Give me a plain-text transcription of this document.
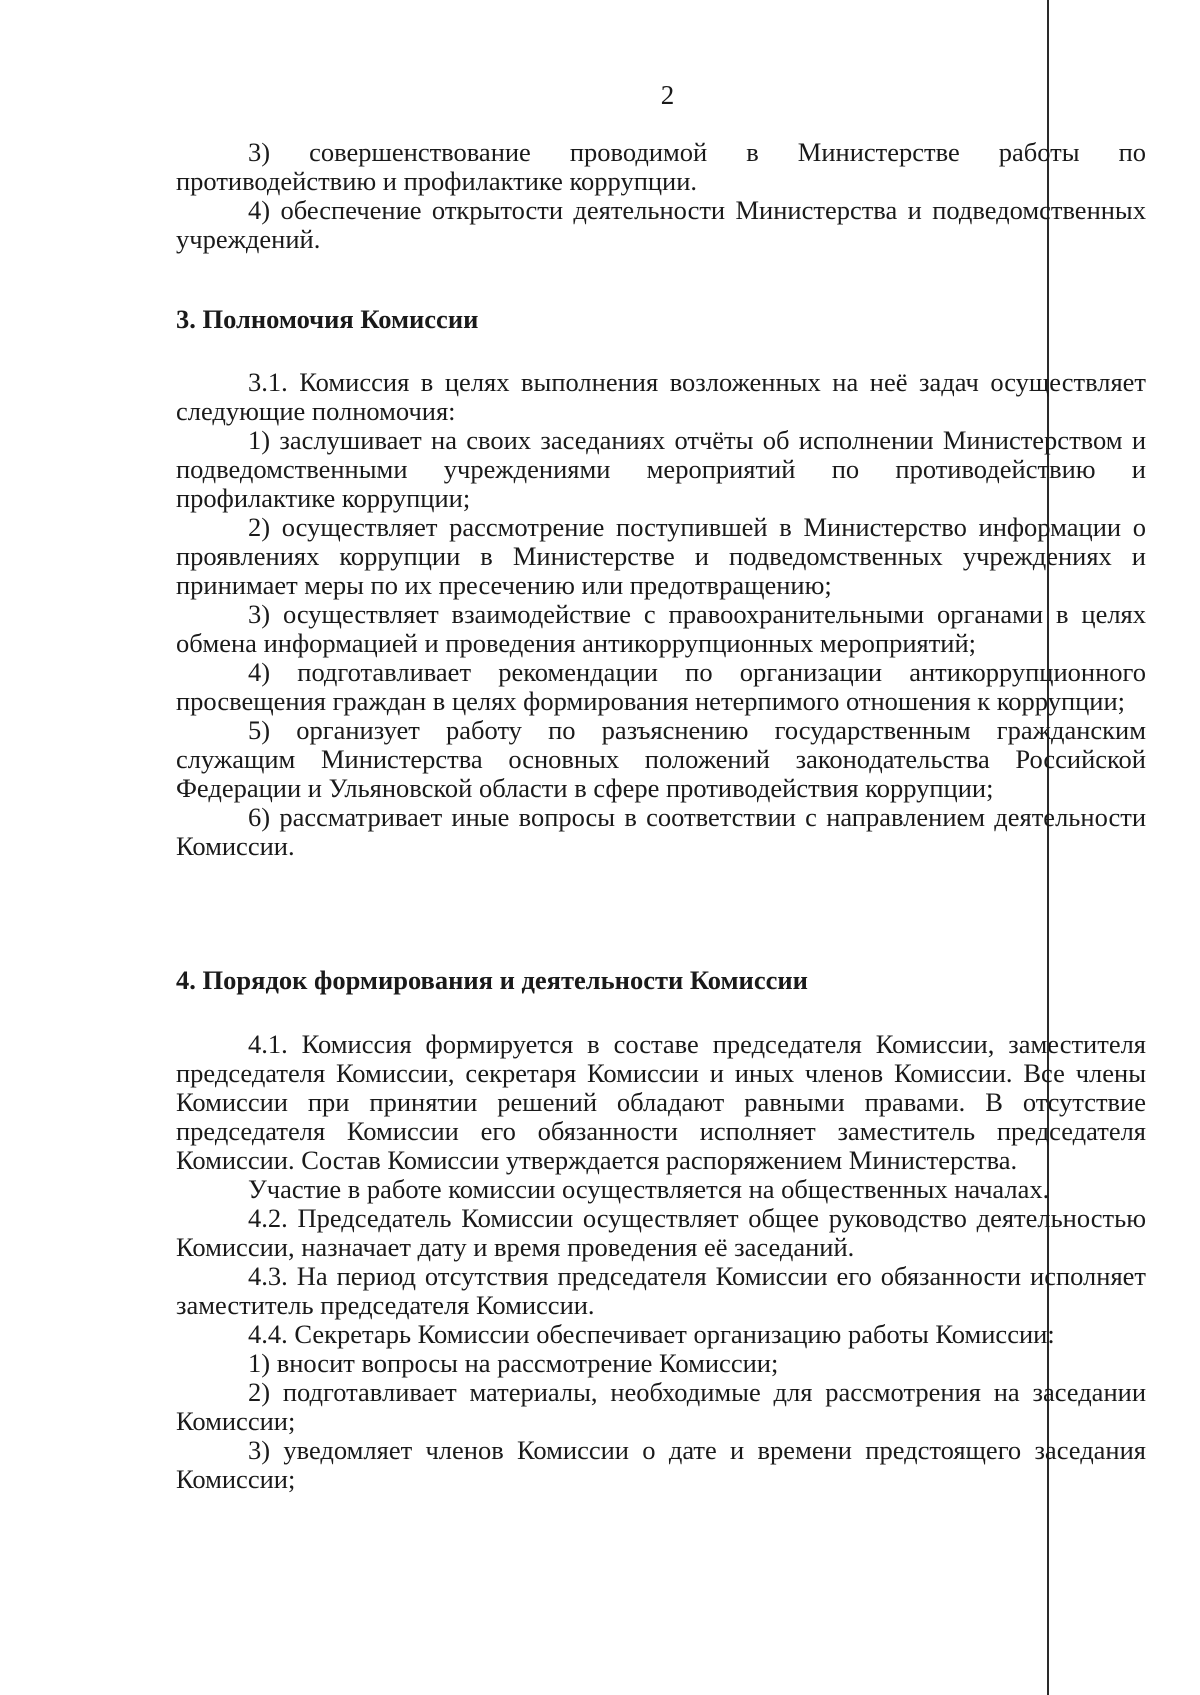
2

3) совершенствование проводимой в Министерстве работы по противодействию и профилактике коррупции.

4) обеспечение открытости деятельности Министерства и подведомственных учреждений.

3. Полномочия Комиссии

3.1. Комиссия в целях выполнения возложенных на неё задач осуществляет следующие полномочия:

1) заслушивает на своих заседаниях отчёты об исполнении Министерством и подведомственными учреждениями мероприятий по противодействию и профилактике коррупции;

2) осуществляет рассмотрение поступившей в Министерство информации о проявлениях коррупции в Министерстве и подведомственных учреждениях и принимает меры по их пресечению или предотвращению;

3) осуществляет взаимодействие с правоохранительными органами в целях обмена информацией и проведения антикоррупционных мероприятий;

4) подготавливает рекомендации по организации антикоррупционного просвещения граждан в целях формирования нетерпимого отношения к коррупции;

5) организует работу по разъяснению государственным гражданским служащим Министерства основных положений законодательства Российской Федерации и Ульяновской области в сфере противодействия коррупции;

6) рассматривает иные вопросы в соответствии с направлением деятельности Комиссии.

4. Порядок формирования и деятельности Комиссии

4.1. Комиссия формируется в составе председателя Комиссии, заместителя председателя Комиссии, секретаря Комиссии и иных членов Комиссии. Все члены Комиссии при принятии решений обладают равными правами. В отсутствие председателя Комиссии его обязанности исполняет заместитель председателя Комиссии. Состав Комиссии утверждается распоряжением Министерства.

Участие в работе комиссии осуществляется на общественных началах.

4.2. Председатель Комиссии осуществляет общее руководство деятельностью Комиссии, назначает дату и время проведения её заседаний.

4.3. На период отсутствия председателя Комиссии его обязанности исполняет заместитель председателя Комиссии.

4.4. Секретарь Комиссии обеспечивает организацию работы Комиссии:

1) вносит вопросы на рассмотрение Комиссии;

2) подготавливает материалы, необходимые для рассмотрения на заседании Комиссии;

3) уведомляет членов Комиссии о дате и времени предстоящего заседания Комиссии;
